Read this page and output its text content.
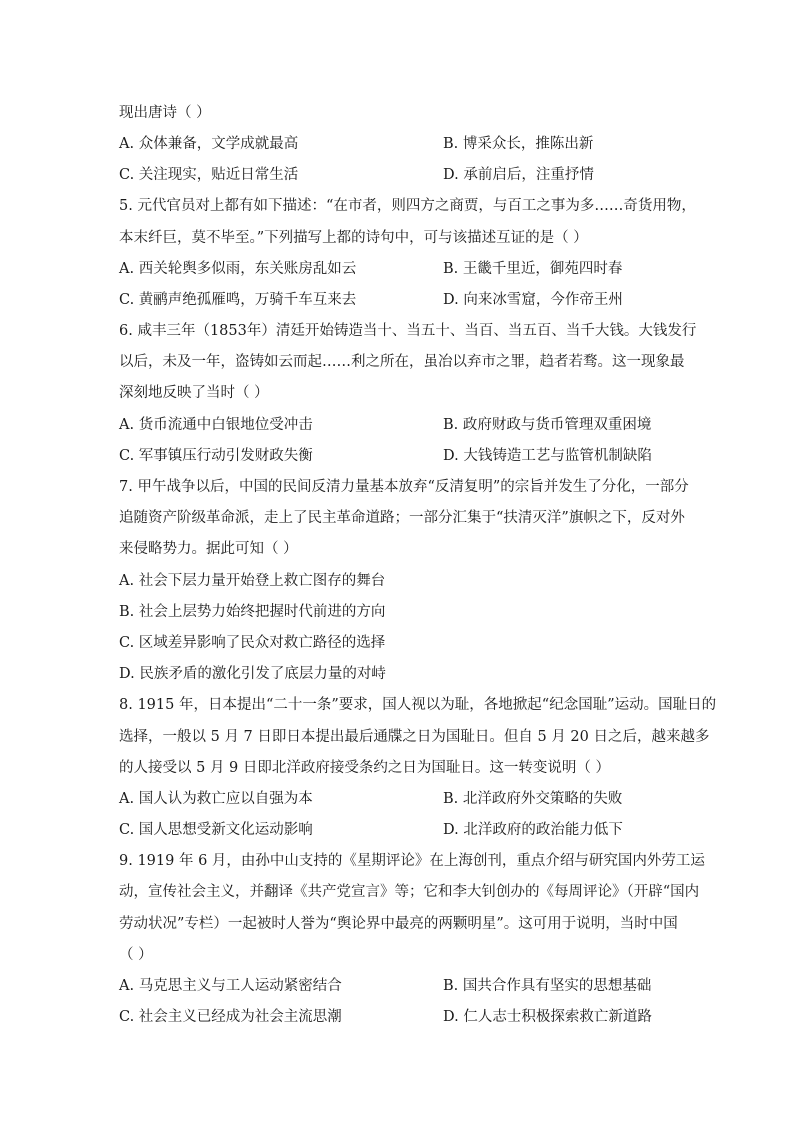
现出唐诗（ ）
A. 众体兼备，文学成就最高	B. 博采众长，推陈出新
C. 关注现实，贴近日常生活	D. 承前启后，注重抒情
5. 元代官员对上都有如下描述：“在市者，则四方之商贾，与百工之事为多……奇货用物，
本末纤巨，莫不毕至。”下列描写上都的诗句中，可与该描述互证的是（ ）
A. 西关轮舆多似雨，东关账房乱如云	B. 王畿千里近，御苑四时春
C. 黄鹂声绝孤雁鸣，万骑千车互来去	D. 向来冰雪窟，今作帝王州
6. 咸丰三年（1853年）清廷开始铸造当十、当五十、当百、当五百、当千大钱。大钱发行
以后，未及一年，盗铸如云而起……利之所在，虽冶以弃市之罪，趋者若骛。这一现象最
深刻地反映了当时（ ）
A. 货币流通中白银地位受冲击	B. 政府财政与货币管理双重困境
C. 军事镇压行动引发财政失衡	D. 大钱铸造工艺与监管机制缺陷
7. 甲午战争以后，中国的民间反清力量基本放弃“反清复明”的宗旨并发生了分化，一部分
追随资产阶级革命派，走上了民主革命道路；一部分汇集于“扶清灭洋”旗帜之下，反对外
来侵略势力。据此可知（ ）
A. 社会下层力量开始登上救亡图存的舞台
B. 社会上层势力始终把握时代前进的方向
C. 区域差异影响了民众对救亡路径的选择
D. 民族矛盾的激化引发了底层力量的对峙
8. 1915 年，日本提出“二十一条”要求，国人视以为耻，各地掀起“纪念国耻”运动。国耻日的
选择，一般以 5 月 7 日即日本提出最后通牒之日为国耻日。但自 5 月 20 日之后，越来越多
的人接受以 5 月 9 日即北洋政府接受条约之日为国耻日。这一转变说明（ ）
A. 国人认为救亡应以自强为本	B. 北洋政府外交策略的失败
C. 国人思想受新文化运动影响	D. 北洋政府的政治能力低下
9. 1919 年 6 月，由孙中山支持的《星期评论》在上海创刊，重点介绍与研究国内外劳工运
动，宣传社会主义，并翻译《共产党宣言》等；它和李大钊创办的《每周评论》（开辟“国内
劳动状况”专栏）一起被时人誉为“舆论界中最亮的两颗明星”。这可用于说明，当时中国
（ ）
A. 马克思主义与工人运动紧密结合	B. 国共合作具有坚实的思想基础
C. 社会主义已经成为社会主流思潮	D. 仁人志士积极探索救亡新道路
